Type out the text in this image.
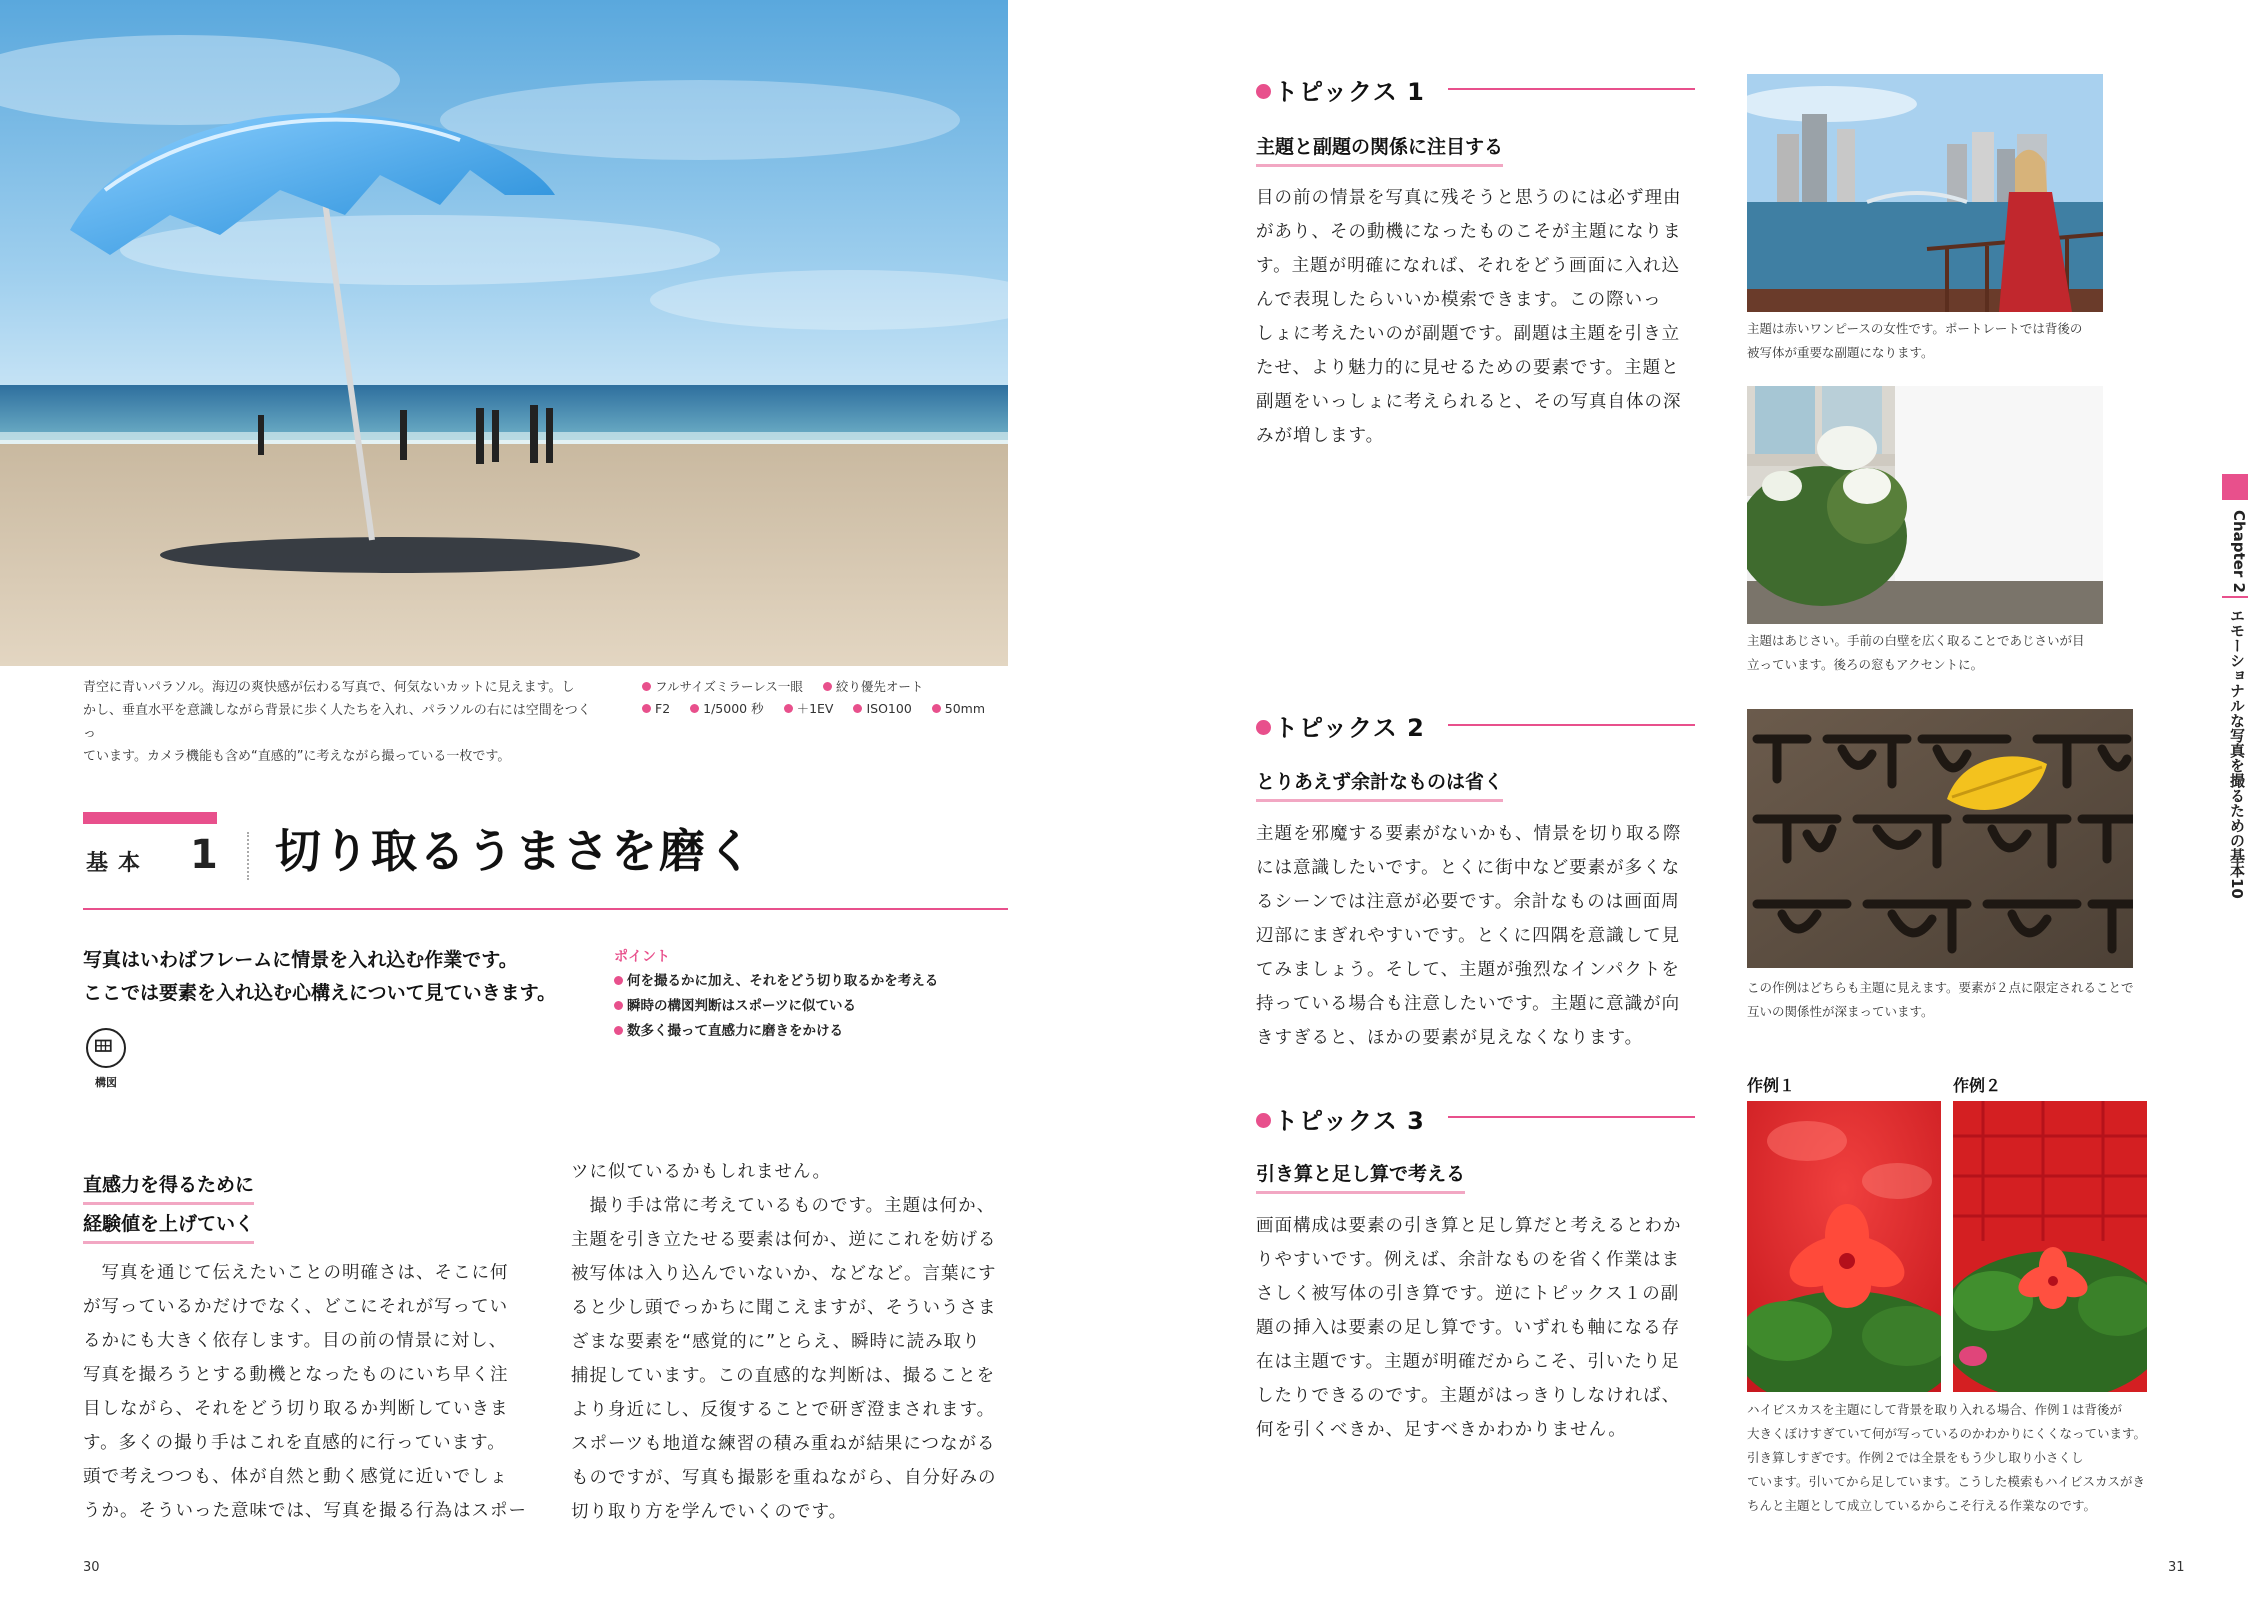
青空に青いパラソル。海辺の爽快感が伝わる写真で、何気ないカットに見えます。し
かし、垂直水平を意識しながら背景に歩く人たちを入れ、パラソルの右には空間をつくっ
ています。カメラ機能も含め“直感的”に考えながら撮っている一枚です。
フルサイズミラーレス一眼	絞り優先オート
F2	1/5000 秒	＋1EV	ISO100	50mm
基本 1 切り取るうまさを磨く
写真はいわばフレームに情景を入れ込む作業です。
ここでは要素を入れ込む心構えについて見ていきます。
ポイント
何を撮るかに加え、それをどう切り取るかを考える
瞬時の構図判断はスポーツに似ている
数多く撮って直感力に磨きをかける
構図
直感力を得るために
経験値を上げていく
　写真を通じて伝えたいことの明確さは、そこに何
が写っているかだけでなく、どこにそれが写ってい
るかにも大きく依存します。目の前の情景に対し、
写真を撮ろうとする動機となったものにいち早く注
目しながら、それをどう切り取るか判断していきま
す。多くの撮り手はこれを直感的に行っています。
頭で考えつつも、体が自然と動く感覚に近いでしょ
うか。そういった意味では、写真を撮る行為はスポー
ツに似ているかもしれません。
　撮り手は常に考えているものです。主題は何か、
主題を引き立たせる要素は何か、逆にこれを妨げる
被写体は入り込んでいないか、などなど。言葉にす
ると少し頭でっかちに聞こえますが、そういうさま
ざまな要素を“感覚的に”とらえ、瞬時に読み取り
捕捉しています。この直感的な判断は、撮ることを
より身近にし、反復することで研ぎ澄まされます。
スポーツも地道な練習の積み重ねが結果につながる
ものですが、写真も撮影を重ねながら、自分好みの
切り取り方を学んでいくのです。
30
トピックス 1
主題と副題の関係に注目する
目の前の情景を写真に残そうと思うのには必ず理由
があり、その動機になったものこそが主題になりま
す。主題が明確になれば、それをどう画面に入れ込
んで表現したらいいか模索できます。この際いっ
しょに考えたいのが副題です。副題は主題を引き立
たせ、より魅力的に見せるための要素です。主題と
副題をいっしょに考えられると、その写真自体の深
みが増します。
主題は赤いワンピースの女性です。ポートレートでは背後の
被写体が重要な副題になります。
主題はあじさい。手前の白壁を広く取ることであじさいが目
立っています。後ろの窓もアクセントに。
トピックス 2
とりあえず余計なものは省く
主題を邪魔する要素がないかも、情景を切り取る際
には意識したいです。とくに街中など要素が多くな
るシーンでは注意が必要です。余計なものは画面周
辺部にまぎれやすいです。とくに四隅を意識して見
てみましょう。そして、主題が強烈なインパクトを
持っている場合も注意したいです。主題に意識が向
きすぎると、ほかの要素が見えなくなります。
この作例はどちらも主題に見えます。要素が２点に限定されることで
互いの関係性が深まっています。
トピックス 3
引き算と足し算で考える
画面構成は要素の引き算と足し算だと考えるとわか
りやすいです。例えば、余計なものを省く作業はま
さしく被写体の引き算です。逆にトピックス１の副
題の挿入は要素の足し算です。いずれも軸になる存
在は主題です。主題が明確だからこそ、引いたり足
したりできるのです。主題がはっきりしなければ、
何を引くべきか、足すべきかわかりません。
作例１	作例２
ハイビスカスを主題にして背景を取り入れる場合、作例１は背後が
大きくぼけすぎていて何が写っているのかわかりにくくなっています。
引き算しすぎです。作例２では全景をもう少し取り小さくし
ています。引いてから足しています。こうした模索もハイビスカスがき
ちんと主題として成立しているからこそ行える作業なのです。
Chapter 2
エモーショナルな写真を撮るための基本10
31
